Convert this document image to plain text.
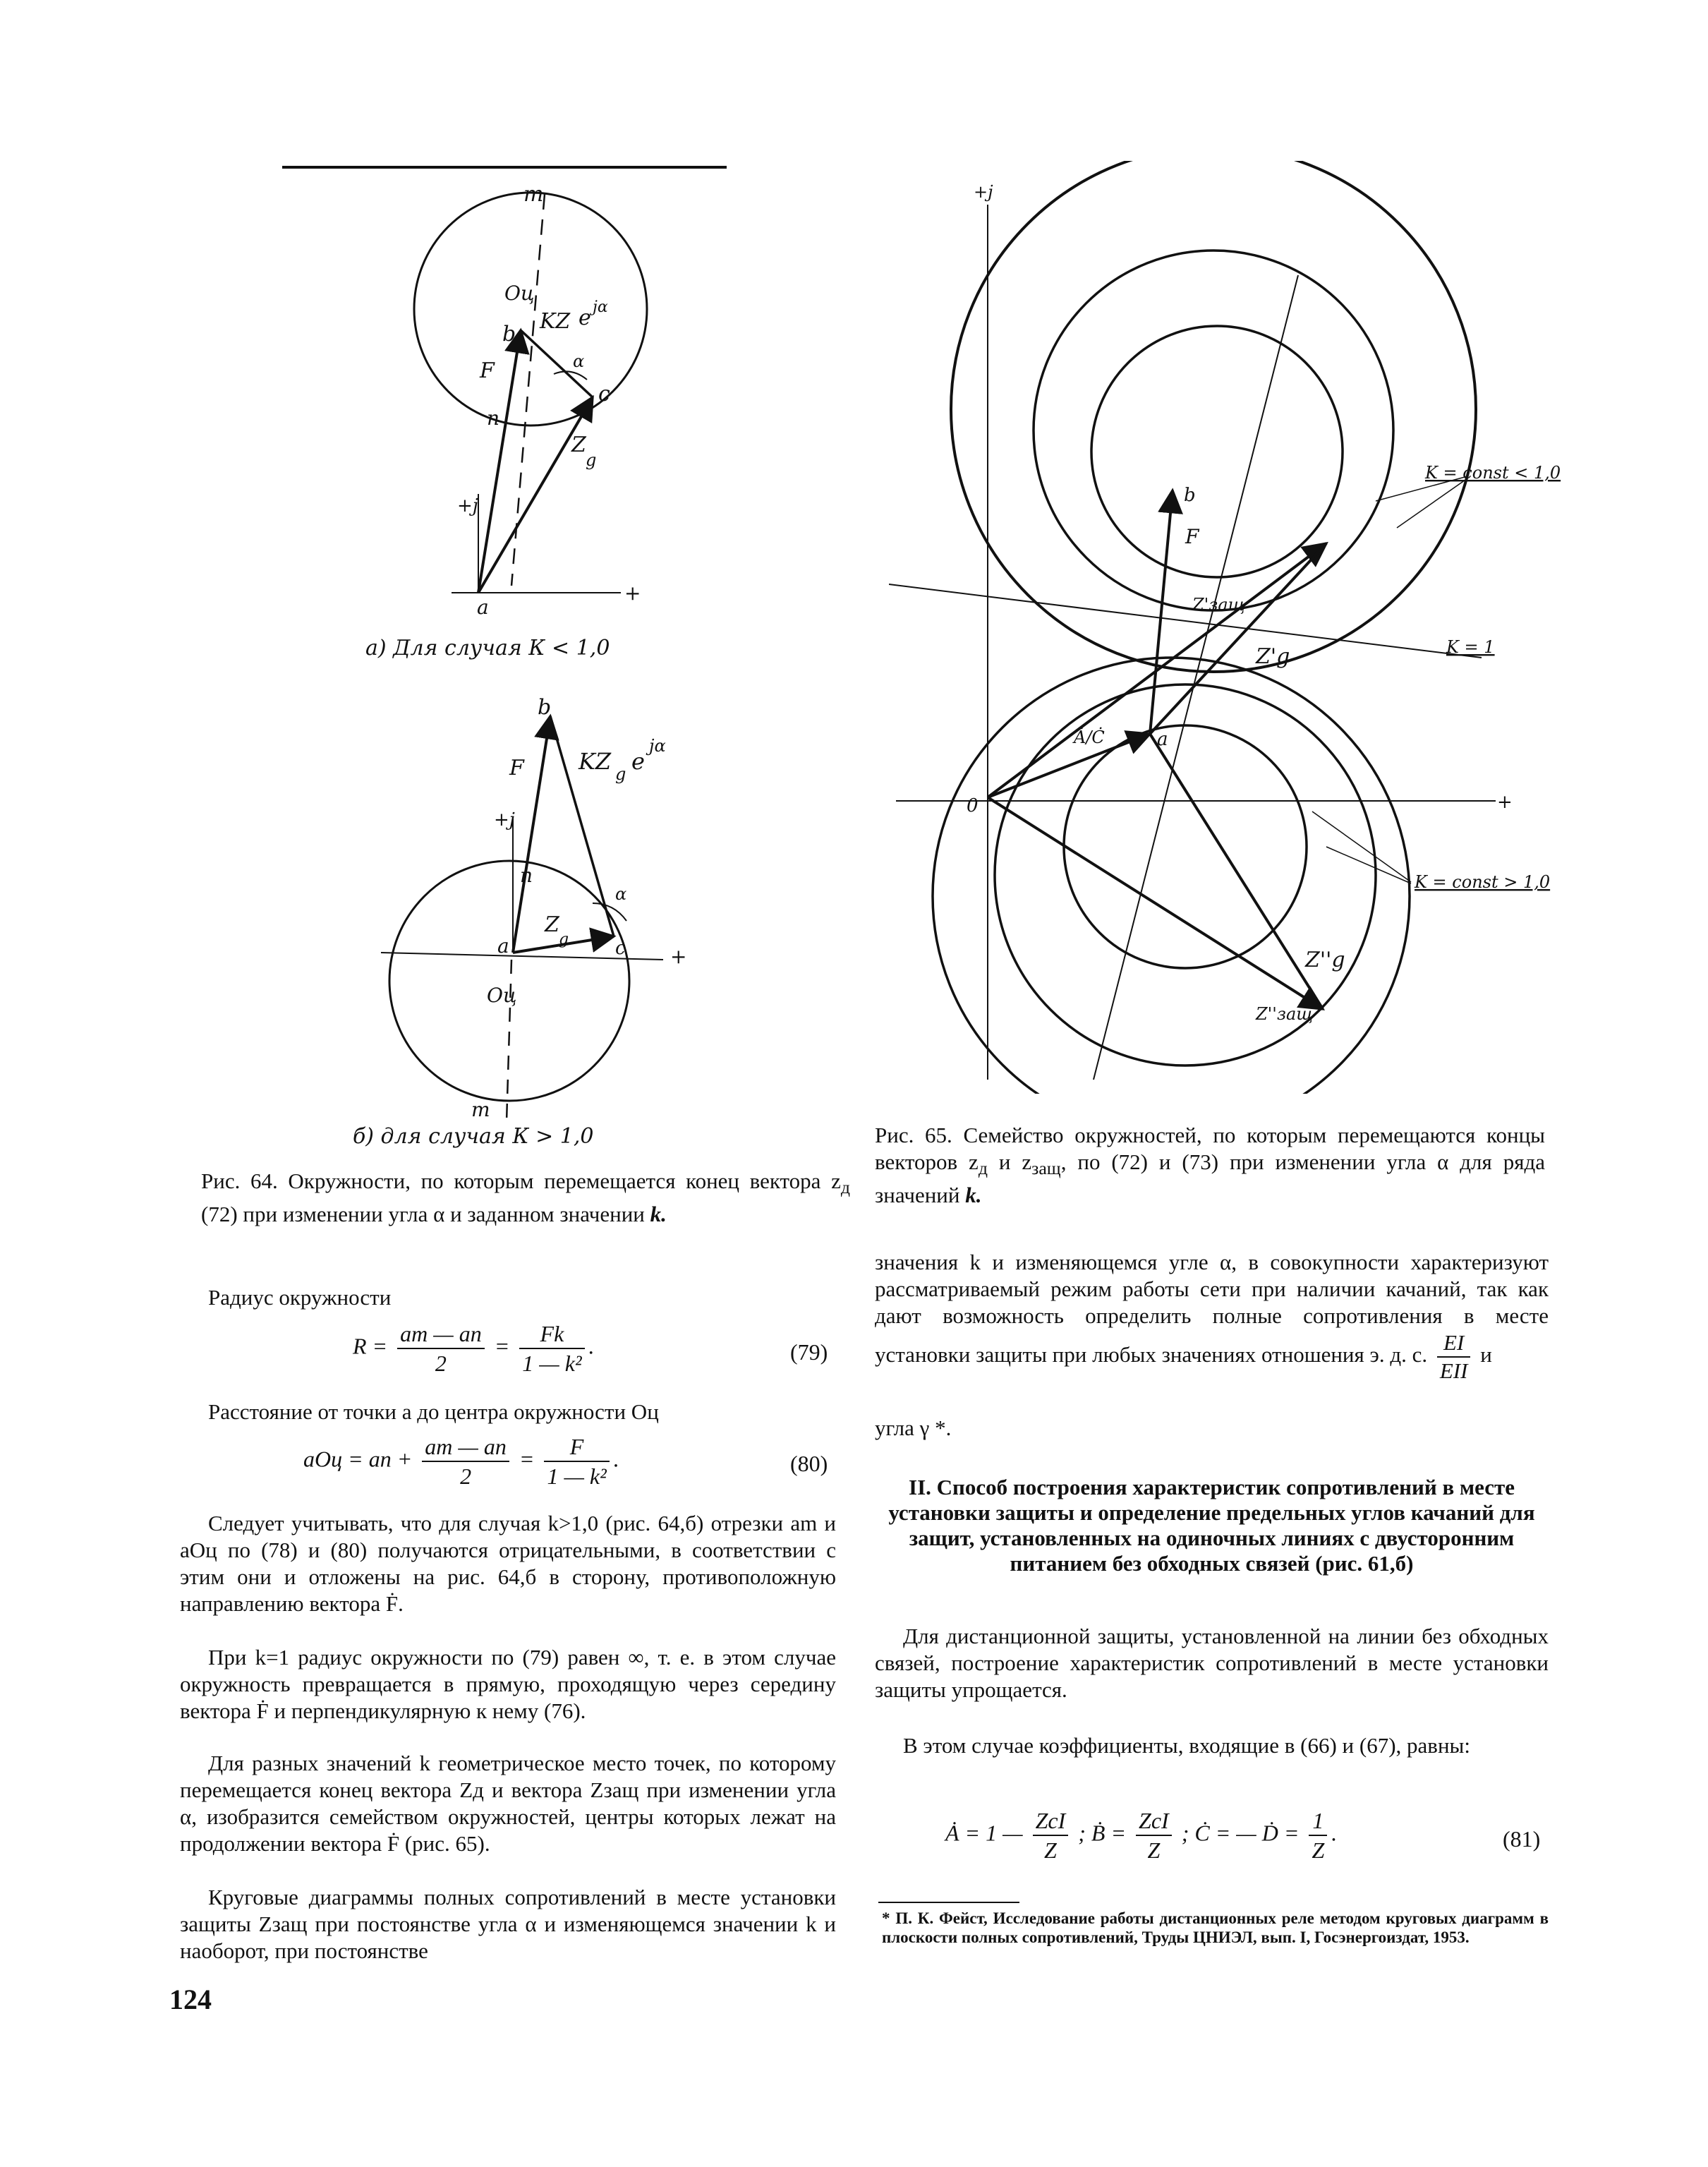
m
Oц
KZ e jα
b
F	α
c
n
Z
g
+j
a
+
а) Для случая К < 1,0
b
F KZ g e
jα
+j
n
α
Z
g
a	c +
Oц
m
б) для случая К > 1,0
+j
K = const < 1,0
b
F
Z'защ
K = 1
Z'g
Ȧ/Ċ	a
0	+
K = const > 1,0
Z''g
Z''защ
Рис. 64. Окружности, по которым перемещается конец вектора $z_д$ (72) при изменении угла α и заданном значении k.
Рис. 65. Семейство окружностей, по которым перемещаются концы векторов $z_д$ и $z_{защ}$, по (72) и (73) при изменении угла α для ряда значений k.

Радиус окружности

$R = \frac{am — an}{2} = \frac{Fk}{\text{1 — k²}}$ .	(79)

Расстояние от точки a до центра окружности Oц

aOц = an + $\frac{am — an}{2} = \frac{F}{\text{1 — k²}}$ .	(80)

Следует учитывать, что для случая k>1,0 (рис. 64,б) отрезки am и aOц по (78) и (80) получаются отрицательными, в соответствии с этим они и отложены на рис. 64,б в сторону, противоположную направлению вектора Ḟ.

При k=1 радиус окружности по (79) равен ∞, т. е. в этом случае окружность превращается в прямую, проходящую через середину вектора Ḟ и перпендикулярную к нему (76).

Для разных значений k геометрическое место точек, по которому перемещается конец вектора Zд и вектора Zзащ при изменении угла α, изобразится семейством окружностей, центры которых лежат на продолжении вектора Ḟ (рис. 65).

Круговые диаграммы полных сопротивлений в месте установки защиты Zзащ при постоянстве угла α и изменяющемся значении k и наоборот, при постоянстве

124

значения k и изменяющемся угле α, в совокупности характеризуют рассматриваемый режим работы сети при наличии качаний, так как дают возможность определить полные сопротивления в месте установки защиты при любых значениях отношения э. д. с. $\frac{EI}{\text{EII}}$ и

угла γ *.

II. Способ построения характеристик сопротивлений в месте установки защиты и определение предельных углов качаний для защит, установленных на одиночных линиях с двусторонним питанием без обходных связей (рис. 61,б)

Для дистанционной защиты, установленной на линии без обходных связей, построение характеристик сопротивлений в месте установки защиты упрощается.

В этом случае коэффициенты, входящие в (66) и (67), равны:

Ȧ = 1 — $\frac{\text{ZcI}}{Z}$ ; Ḃ = $\frac{\text{ZcI}}{Z}$ ; Ċ = — Ḋ = $\frac{1}{Z}$ .	(81)

* П. К. Фейст, Исследование работы дистанционных реле методом круговых диаграмм в плоскости полных сопротивлений, Труды ЦНИЭЛ, вып. I, Госэнергоиздат, 1953.
